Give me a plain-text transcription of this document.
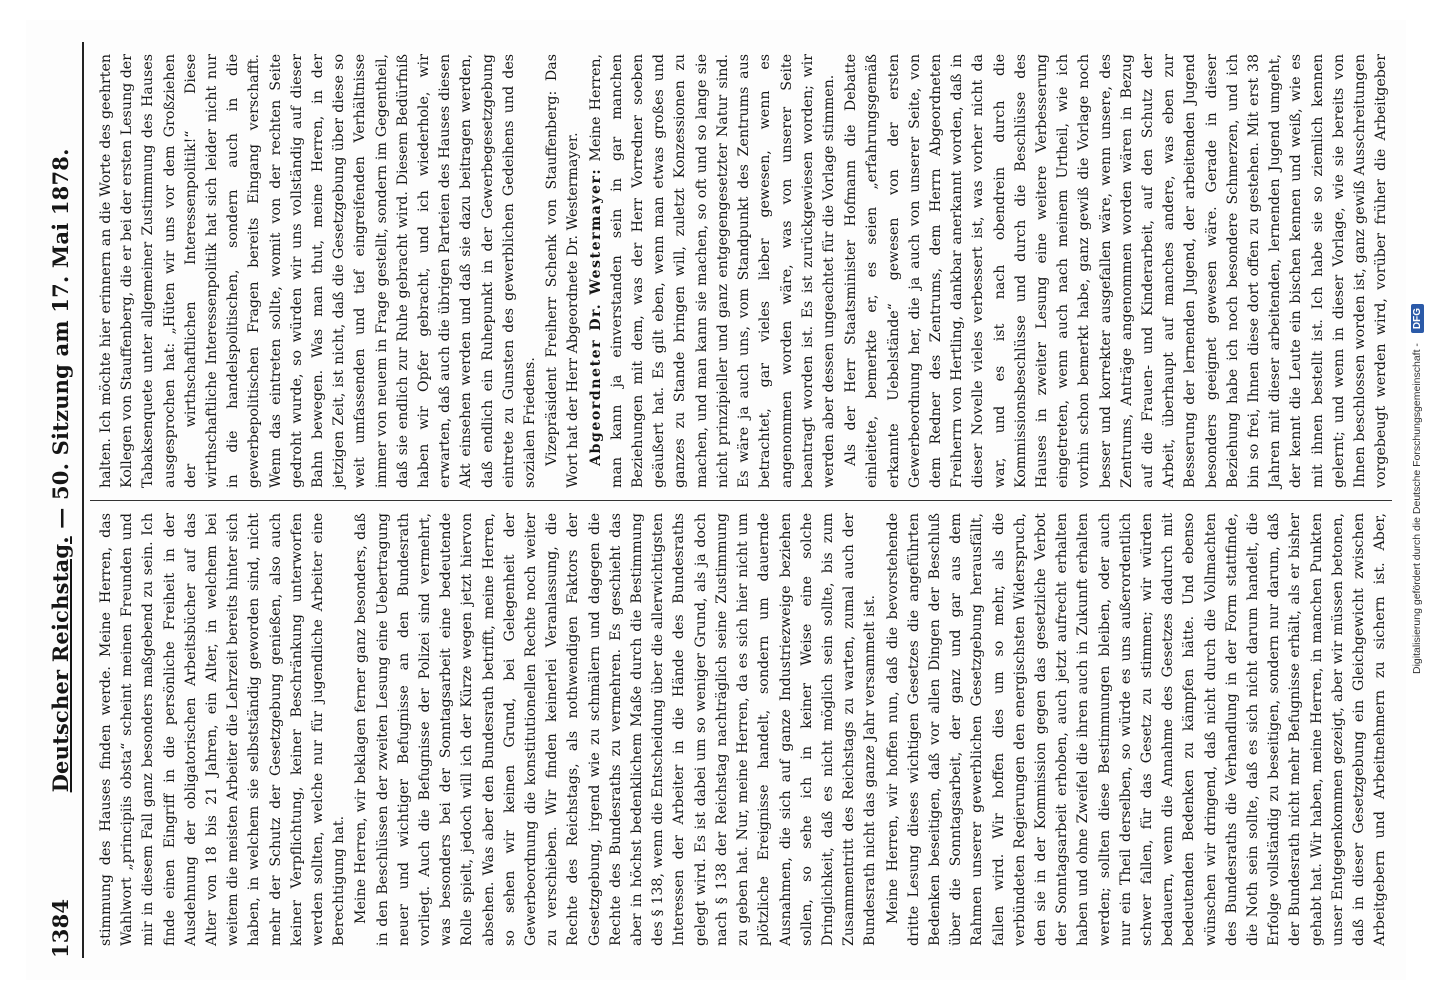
1384
Deutscher Reichstag. — 50. Sitzung am 17. Mai 1878.

stimmung des Hauses finden werde. Meine Herren, das Wahlwort „principiis obsta“ scheint meinen Freunden und mir in diesem Fall ganz besonders maßgebend zu sein. Ich finde einen Eingriff in die persönliche Freiheit in der Ausdehnung der obligatorischen Arbeitsbücher auf das Alter von 18 bis 21 Jahren, ein Alter, in welchem bei weitem die meisten Arbeiter die Lehrzeit bereits hinter sich haben, in welchem sie selbstständig geworden sind, nicht mehr der Schutz der Gesetzgebung genießen, also auch keiner Verpflichtung, keiner Beschränkung unterworfen werden sollten, welche nur für jugendliche Arbeiter eine Berechtigung hat. Meine Herren, wir beklagen ferner ganz besonders, daß in den Beschlüssen der zweiten Lesung eine Uebertragung neuer und wichtiger Befugnisse an den Bundesrath vorliegt. Auch die Befugnisse der Polizei sind vermehrt, was besonders bei der Sonntagsarbeit eine bedeutende Rolle spielt, jedoch will ich der Kürze wegen jetzt hiervon absehen. Was aber den Bundesrath betrifft, meine Herren, so sehen wir keinen Grund, bei Gelegenheit der Gewerbeordnung die konstitutionellen Rechte noch weiter zu verschieben. Wir finden keinerlei Veranlassung, die Rechte des Reichstags, als nothwendigen Faktors der Gesetzgebung, irgend wie zu schmälern und dagegen die Rechte des Bundesraths zu vermehren. Es geschieht das aber in höchst bedenklichem Maße durch die Bestimmung des § 138, wenn die Entscheidung über die allerwichtigsten Interessen der Arbeiter in die Hände des Bundesraths gelegt wird. Es ist dabei um so weniger Grund, als ja doch nach § 138 der Reichstag nachträglich seine Zustimmung zu geben hat. Nur, meine Herren, da es sich hier nicht um plötzliche Ereignisse handelt, sondern um dauernde Ausnahmen, die sich auf ganze Industriezweige beziehen sollen, so sehe ich in keiner Weise eine solche Dringlichkeit, daß es nicht möglich sein sollte, bis zum Zusammentritt des Reichstags zu warten, zumal auch der Bundesrath nicht das ganze Jahr versammelt ist. Meine Herren, wir hoffen nun, daß die bevorstehende dritte Lesung dieses wichtigen Gesetzes die angeführten Bedenken beseitigen, daß vor allen Dingen der Beschluß über die Sonntagsarbeit, der ganz und gar aus dem Rahmen unserer gewerblichen Gesetzgebung herausfällt, fallen wird. Wir hoffen dies um so mehr, als die verbündeten Regierungen den energischsten Widerspruch, den sie in der Kommission gegen das gesetzliche Verbot der Sonntagsarbeit erhoben, auch jetzt aufrecht erhalten haben und ohne Zweifel die ihren auch in Zukunft erhalten werden; sollten diese Bestimmungen bleiben, oder auch nur ein Theil derselben, so würde es uns außerordentlich schwer fallen, für das Gesetz zu stimmen; wir würden bedauern, wenn die Annahme des Gesetzes dadurch mit bedeutenden Bedenken zu kämpfen hätte. Und ebenso wünschen wir dringend, daß nicht durch die Vollmachten des Bundesraths die Verhandlung in der Form stattfinde, die Noth sein sollte, daß es sich nicht darum handelt, die Erfolge vollständig zu beseitigen, sondern nur darum, daß der Bundesrath nicht mehr Befugnisse erhält, als er bisher gehabt hat. Wir haben, meine Herren, in manchen Punkten unser Entgegenkommen gezeigt, aber wir müssen betonen, daß in dieser Gesetzgebung ein Gleichgewicht zwischen Arbeitgebern und Arbeitnehmern zu sichern ist. Aber,

halten. Ich möchte hier erinnern an die Worte des geehrten Kollegen von Stauffenberg, die er bei der ersten Lesung der Tabaksenquete unter allgemeiner Zustimmung des Hauses ausgesprochen hat: „Hüten wir uns vor dem Großziehen der wirthschaftlichen Interessenpolitik!“ Diese wirthschaftliche Interessenpolitik hat sich leider nicht nur in die handelspolitischen, sondern auch in die gewerbepolitischen Fragen bereits Eingang verschafft. Wenn das eintreten sollte, womit von der rechten Seite gedroht wurde, so würden wir uns vollständig auf dieser Bahn bewegen. Was man thut, meine Herren, in der jetzigen Zeit, ist nicht, daß die Gesetzgebung über diese so weit umfassenden und tief eingreifenden Verhältnisse immer von neuem in Frage gestellt, sondern im Gegentheil, daß sie endlich zur Ruhe gebracht wird. Diesem Bedürfniß haben wir Opfer gebracht, und ich wiederhole, wir erwarten, daß auch die übrigen Parteien des Hauses diesen Akt einsehen werden und daß sie dazu beitragen werden, daß endlich ein Ruhepunkt in der Gewerbegesetzgebung eintrete zu Gunsten des gewerblichen Gedeihens und des sozialen Friedens. Vizepräsident Freiherr Schenk von Stauffenberg: Das Wort hat der Herr Abgeordnete Dr. Westermayer. Abgeordneter Dr. Westermayer: Meine Herren, man kann ja einverstanden sein in gar manchen Beziehungen mit dem, was der Herr Vorredner soeben geäußert hat. Es gilt eben, wenn man etwas großes und ganzes zu Stande bringen will, zuletzt Konzessionen zu machen, und man kann sie machen, so oft und so lange sie nicht prinzipieller und ganz entgegengesetzter Natur sind. Es wäre ja auch uns, vom Standpunkt des Zentrums aus betrachtet, gar vieles lieber gewesen, wenn es angenommen worden wäre, was von unserer Seite beantragt worden ist. Es ist zurückgewiesen worden; wir werden aber dessen ungeachtet für die Vorlage stimmen. Als der Herr Staatsminister Hofmann die Debatte einleitete, bemerkte er, es seien „erfahrungsgemäß erkannte Uebelstände“ gewesen von der ersten Gewerbeordnung her, die ja auch von unserer Seite, von dem Redner des Zentrums, dem Herrn Abgeordneten Freiherrn von Hertling, dankbar anerkannt worden, daß in dieser Novelle vieles verbessert ist, was vorher nicht da war, und es ist nach obendrein durch die Kommissionsbeschlüsse und durch die Beschlüsse des Hauses in zweiter Lesung eine weitere Verbesserung eingetreten, wenn auch nach meinem Urtheil, wie ich vorhin schon bemerkt habe, ganz gewiß die Vorlage noch besser und korrekter ausgefallen wäre, wenn unsere, des Zentrums, Anträge angenommen worden wären in Bezug auf die Frauen- und Kinderarbeit, auf den Schutz der Arbeit, überhaupt auf manches andere, was eben zur Besserung der lernenden Jugend, der arbeitenden Jugend besonders geeignet gewesen wäre. Gerade in dieser Beziehung habe ich noch besondere Schmerzen, und ich bin so frei, Ihnen diese dort offen zu gestehen. Mit erst 38 Jahren mit dieser arbeitenden, lernenden Jugend umgeht, der kennt die Leute ein bischen kennen und weiß, wie es mit ihnen bestellt ist. Ich habe sie so ziemlich kennen gelernt; und wenn in dieser Vorlage, wie sie bereits von Ihnen beschlossen worden ist, ganz gewiß Ausschreitungen vorgebeugt werden wird, vorüber früher die Arbeitgeber

Digitalisierung gefördert durch die Deutsche Forschungsgemeinschaft -
DFG
